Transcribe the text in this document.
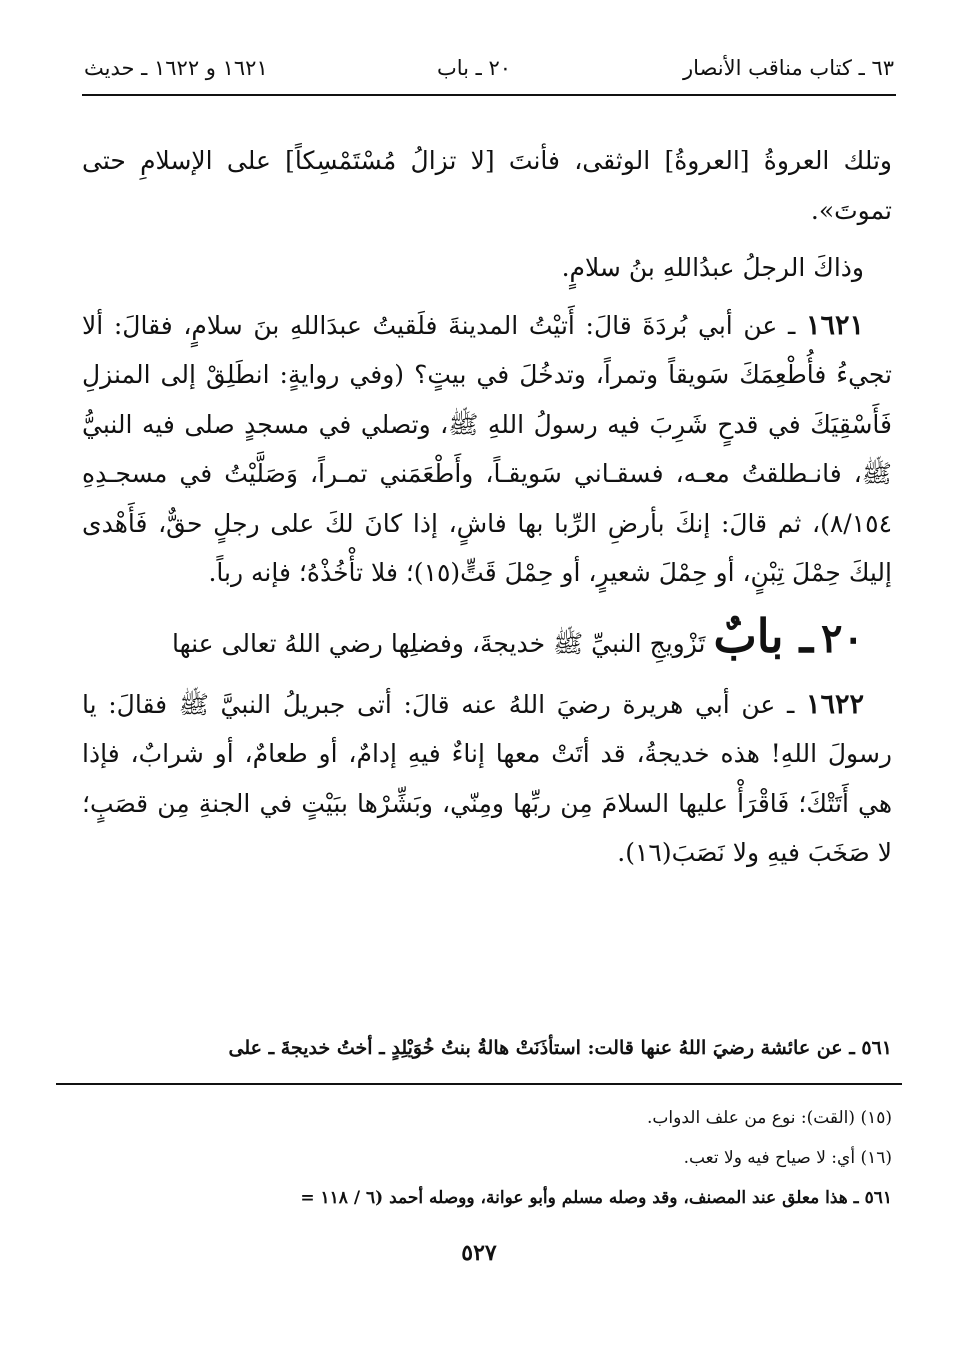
٦٣ ـ كتاب مناقب الأنصار
٢٠ ـ باب
١٦٢١ و ١٦٢٢ ـ حديث

وتلك العروةُ [العروةُ] الوثقى، فأنتَ [لا تزالُ مُسْتَمْسِكاً] على الإسلامِ حتى تموتَ».

وذاكَ الرجلُ عبدُاللهِ بنُ سلامٍ.

١٦٢١ ـ عن أبي بُردَةَ قالَ: أَتيْتُ المدينةَ فلَقيتُ عبدَاللهِ بنَ سلامٍ، فقالَ: ألا تجيءُ فأُطْعِمَكَ سَويقاً وتمراً، وتدخُلَ في بيتٍ؟ (وفي روايةٍ: انطَلِقْ إلى المنزلِ فَأَسْقِيَكَ في قدحٍ شَرِبَ فيه رسولُ اللهِ ﷺ، وتصلي في مسجدٍ صلى فيه النبيُّ ﷺ، فانـطلقتُ معـه، فسقـاني سَويقـاً، وأَطْعَمَني تمـراً، وَصَلَّيْتُ في مسجـدِهِ ٨/١٥٤)، ثم قالَ: إنكَ بأرضِ الرِّبا بها فاشٍ، إذا كانَ لكَ على رجلٍ حقٌّ، فَأَهْدى إليكَ حِمْلَ تِبْنٍ، أو حِمْلَ شعيرٍ، أو حِمْلَ قَتٍّ(١٥)؛ فلا تأْخُذْهُ؛ فإنه رباً.

٢٠ ـ بابٌ تَزْويجِ النبيِّ ﷺ خديجةَ، وفضلِها رضي اللهُ تعالى عنها

١٦٢٢ ـ عن أبي هريرة رضيَ اللهُ عنه قالَ: أتى جبريلُ النبيَّ ﷺ فقالَ: يا رسولَ اللهِ! هذه خديجةُ، قد أتَتْ معها إناءٌ فيهِ إدامٌ، أو طعامٌ، أو شرابٌ، فإذا هي أَتَتْكَ؛ فَاقْرَأْ عليها السلامَ مِن ربِّها ومِنّي، وبَشِّرْها ببَيْتٍ في الجنةِ مِن قصَبٍ؛ لا صَخَبَ فيهِ ولا نَصَبَ(١٦).

٥٦١ ـ عن عائشة رضيَ اللهُ عنها قالت: استأذَنَتْ هالةُ بنتُ خُوَيْلِدٍ ـ أختُ خديجةَ ـ على

(١٥) (القت): نوع من علف الدواب.

(١٦) أي: لا صياح فيه ولا تعب.

٥٦١ ـ هذا معلق عند المصنف، وقد وصله مسلم وأبو عوانة، ووصله أحمد (٦ / ١١٨ =

٥٢٧
